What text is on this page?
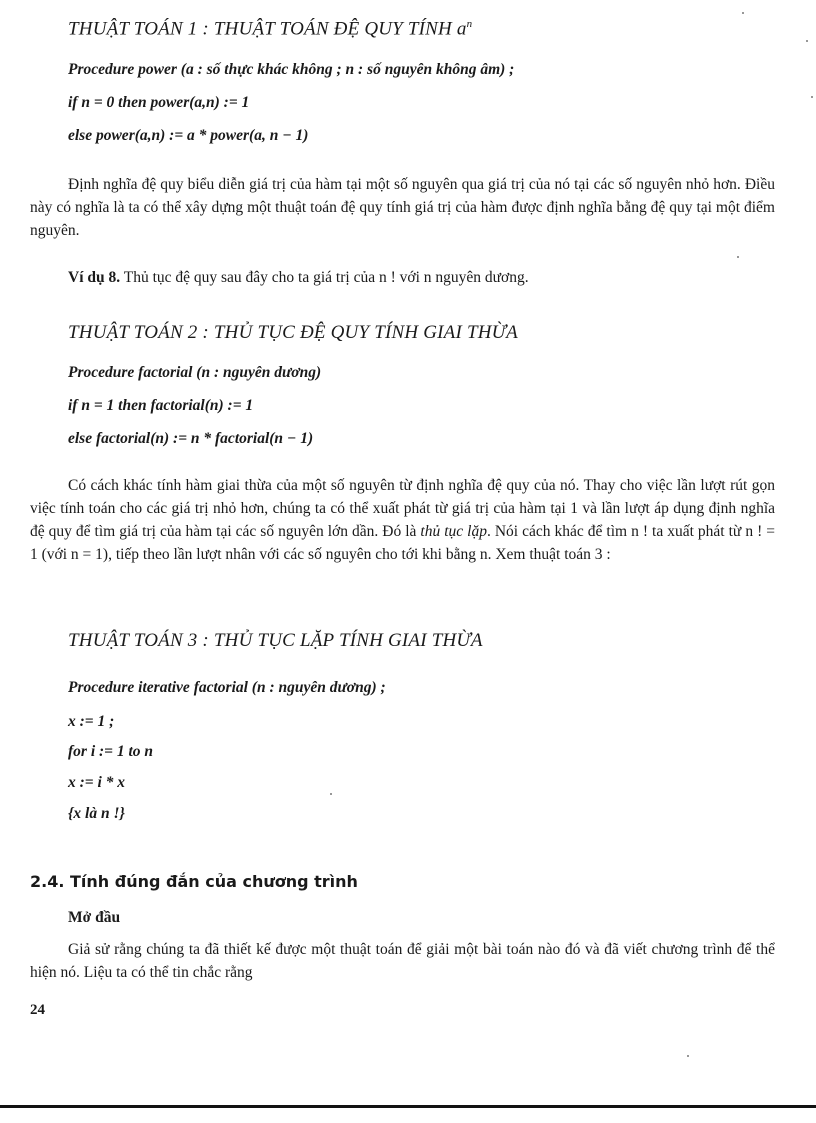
THUẬT TOÁN 1 : THUẬT TOÁN ĐỆ QUY TÍNH $a^n$
Procedure power (a : số thực khác không ; n : số nguyên không âm) ;
if n = 0 then power(a,n) := 1
else power(a,n) := a * power(a, n − 1)

Định nghĩa đệ quy biểu diễn giá trị của hàm tại một số nguyên qua giá trị của nó tại các số nguyên nhỏ hơn. Điều này có nghĩa là ta có thể xây dựng một thuật toán đệ quy tính giá trị của hàm được định nghĩa bằng đệ quy tại một điểm nguyên.

Ví dụ 8. Thủ tục đệ quy sau đây cho ta giá trị của n ! với n nguyên dương.
THUẬT TOÁN 2 : THỦ TỤC ĐỆ QUY TÍNH GIAI THỪA
Procedure factorial (n : nguyên dương)
if n = 1 then factorial(n) := 1
else factorial(n) := n * factorial(n − 1)

Có cách khác tính hàm giai thừa của một số nguyên từ định nghĩa đệ quy của nó. Thay cho việc lần lượt rút gọn việc tính toán cho các giá trị nhỏ hơn, chúng ta có thể xuất phát từ giá trị của hàm tại 1 và lần lượt áp dụng định nghĩa đệ quy để tìm giá trị của hàm tại các số nguyên lớn dần. Đó là thủ tục lặp. Nói cách khác để tìm n ! ta xuất phát từ n ! = 1 (với n = 1), tiếp theo lần lượt nhân với các số nguyên cho tới khi bằng n. Xem thuật toán 3 :

THUẬT TOÁN 3 : THỦ TỤC LẶP TÍNH GIAI THỪA
Procedure iterative factorial (n : nguyên dương) ;
x := 1 ;
for i := 1 to n
x := i * x
{x là n !}
2.4. Tính đúng đắn của chương trình
Mở đầu

Giả sử rằng chúng ta đã thiết kế được một thuật toán để giải một bài toán nào đó và đã viết chương trình để thể hiện nó. Liệu ta có thể tin chắc rằng

24
